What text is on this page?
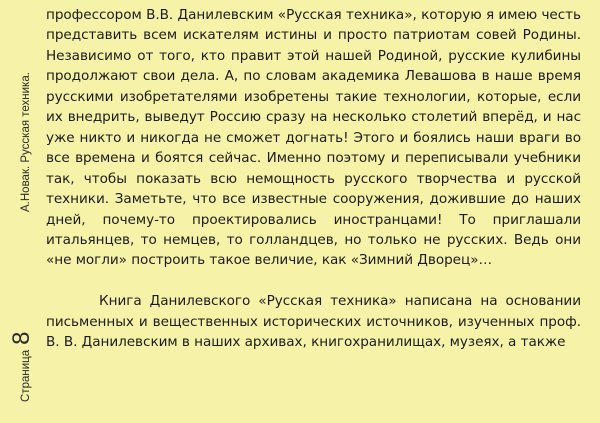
А.Новак. Русская техника.
Страница8

профессором В.В. Данилевским «Русская техника», которую я имею честь представить всем искателям истины и просто патриотам совей Родины. Независимо от того, кто правит этой нашей Родиной, русские кулибины продолжают свои дела. А, по словам академика Левашова в наше время русскими изобретателями изобретены такие технологии, которые, если их внедрить, выведут Россию сразу на несколько столетий вперёд, и нас уже никто и никогда не сможет догнать! Этого и боялись наши враги во все времена и боятся сейчас. Именно поэтому и переписывали учебники так, чтобы показать всю немощность русского творчества и русской техники. Заметьте, что все известные сооружения, дожившие до наших дней, почему-то проектировались иностранцами! То приглашали итальянцев, то немцев, то голландцев, но только не русских. Ведь они «не могли» построить такое величие, как «Зимний Дворец»…

Книга Данилевского «Русская техника» написана на основании письменных и вещественных исторических источников, изученных проф. В. В. Данилевским в наших архивах, книгохранилищах, музеях, а также
